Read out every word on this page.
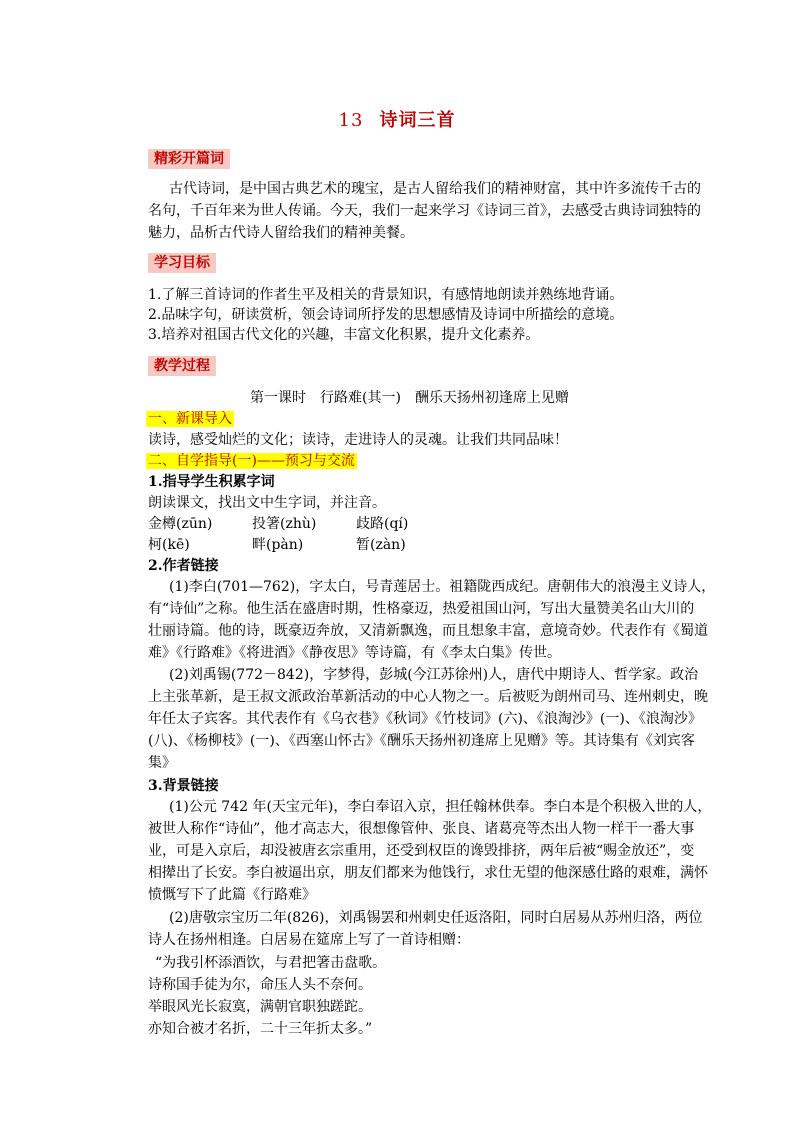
13 诗词三首
精彩开篇词
古代诗词，是中国古典艺术的瑰宝，是古人留给我们的精神财富，其中许多流传千古的
名句，千百年来为世人传诵。今天，我们一起来学习《诗词三首》，去感受古典诗词独特的
魅力，品析古代诗人留给我们的精神美餐。
学习目标
1.了解三首诗词的作者生平及相关的背景知识，有感情地朗读并熟练地背诵。
2.品味字句，研读赏析，领会诗词所抒发的思想感情及诗词中所描绘的意境。
3.培养对祖国古代文化的兴趣，丰富文化积累，提升文化素养。
教学过程
第一课时　行路难(其一)　酬乐天扬州初逢席上见赠
一、新课导入
读诗，感受灿烂的文化；读诗，走进诗人的灵魂。让我们共同品味！
二、自学指导(一)——预习与交流
1.指导学生积累字词
朗读课文，找出文中生字词，并注音。
金樽(zūn)	投箸(zhù)	歧路(qí)
柯(kē)	畔(pàn)	暂(zàn)
2.作者链接
(1)李白(701—762)，字太白，号青莲居士。祖籍陇西成纪。唐朝伟大的浪漫主义诗人，
有“诗仙”之称。他生活在盛唐时期，性格豪迈，热爱祖国山河，写出大量赞美名山大川的
壮丽诗篇。他的诗，既豪迈奔放，又清新飘逸，而且想象丰富，意境奇妙。代表作有《蜀道
难》《行路难》《将进酒》《静夜思》等诗篇，有《李太白集》传世。
(2)刘禹锡(772－842)，字梦得，彭城(今江苏徐州)人，唐代中期诗人、哲学家。政治
上主张革新，是王叔文派政治革新活动的中心人物之一。后被贬为朗州司马、连州刺史，晚
年任太子宾客。其代表作有《乌衣巷》《秋词》《竹枝词》(六)、《浪淘沙》(一)、《浪淘沙》
(八)、《杨柳枝》(一)、《西塞山怀古》《酬乐天扬州初逢席上见赠》等。其诗集有《刘宾客
集》
3.背景链接
(1)公元 742 年(天宝元年)，李白奉诏入京，担任翰林供奉。李白本是个积极入世的人，
被世人称作“诗仙”，他才高志大，很想像管仲、张良、诸葛亮等杰出人物一样干一番大事
业，可是入京后，却没被唐玄宗重用，还受到权臣的谗毁排挤，两年后被“赐金放还”，变
相撵出了长安。李白被逼出京，朋友们都来为他饯行，求仕无望的他深感仕路的艰难，满怀
愤慨写下了此篇《行路难》
(2)唐敬宗宝历二年(826)，刘禹锡罢和州刺史任返洛阳，同时白居易从苏州归洛，两位
诗人在扬州相逢。白居易在筵席上写了一首诗相赠：
“为我引杯添酒饮，与君把箸击盘歌。
诗称国手徒为尔，命压人头不奈何。
举眼风光长寂寞，满朝官职独蹉跎。
亦知合被才名折，二十三年折太多。”
